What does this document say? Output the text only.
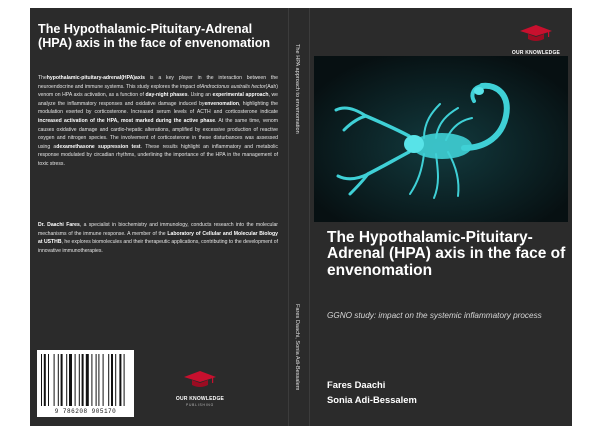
The Hypothalamic-Pituitary-Adrenal (HPA) axis in the face of envenomation

Thehypothalamic-pituitary-adrenal(HPA)axis is a key player in the interaction between the neuroendocrine and immune systems. This study explores the impact ofAndroctonus australis hector(Aah) venom on HPA axis activation, as a function of day-night phases. Using an experimental approach, we analyze the inflammatory responses and oxidative damage induced byenvenomation, highlighting the modulation exerted by corticosterone. Increased serum levels of ACTH and corticosterone indicate increased activation of the HPA, most marked during the active phase. At the same time, venom causes oxidative damage and cardio-hepatic alterations, amplified by excessive production of reactive oxygen and nitrogen species. The involvement of corticosterone in these disturbances was assessed using adexamethasone suppression test. These results highlight an inflammatory and metabolic response modulated by circadian rhythms, underlining the importance of the HPA in the management of toxic stress.

Dr. Daachi Fares, a specialist in biochemistry and immunology, conducts research into the molecular mechanisms of the immune response. A member of the Laboratory of Cellular and Molecular Biology at USTHB, he explores biomolecules and their therapeutic applications, contributing to the development of innovative immunotherapies.

9 786208 905170
OUR KNOWLEDGE
PUBLISHING
The HPA approach to envenomation
Fares Daachi, Sonia Adi-Bessalem
OUR KNOWLEDGE
The Hypothalamic-Pituitary-Adrenal (HPA) axis in the face of envenomation

GGNO study: impact on the systemic inflammatory process

Fares Daachi
Sonia Adi-Bessalem
